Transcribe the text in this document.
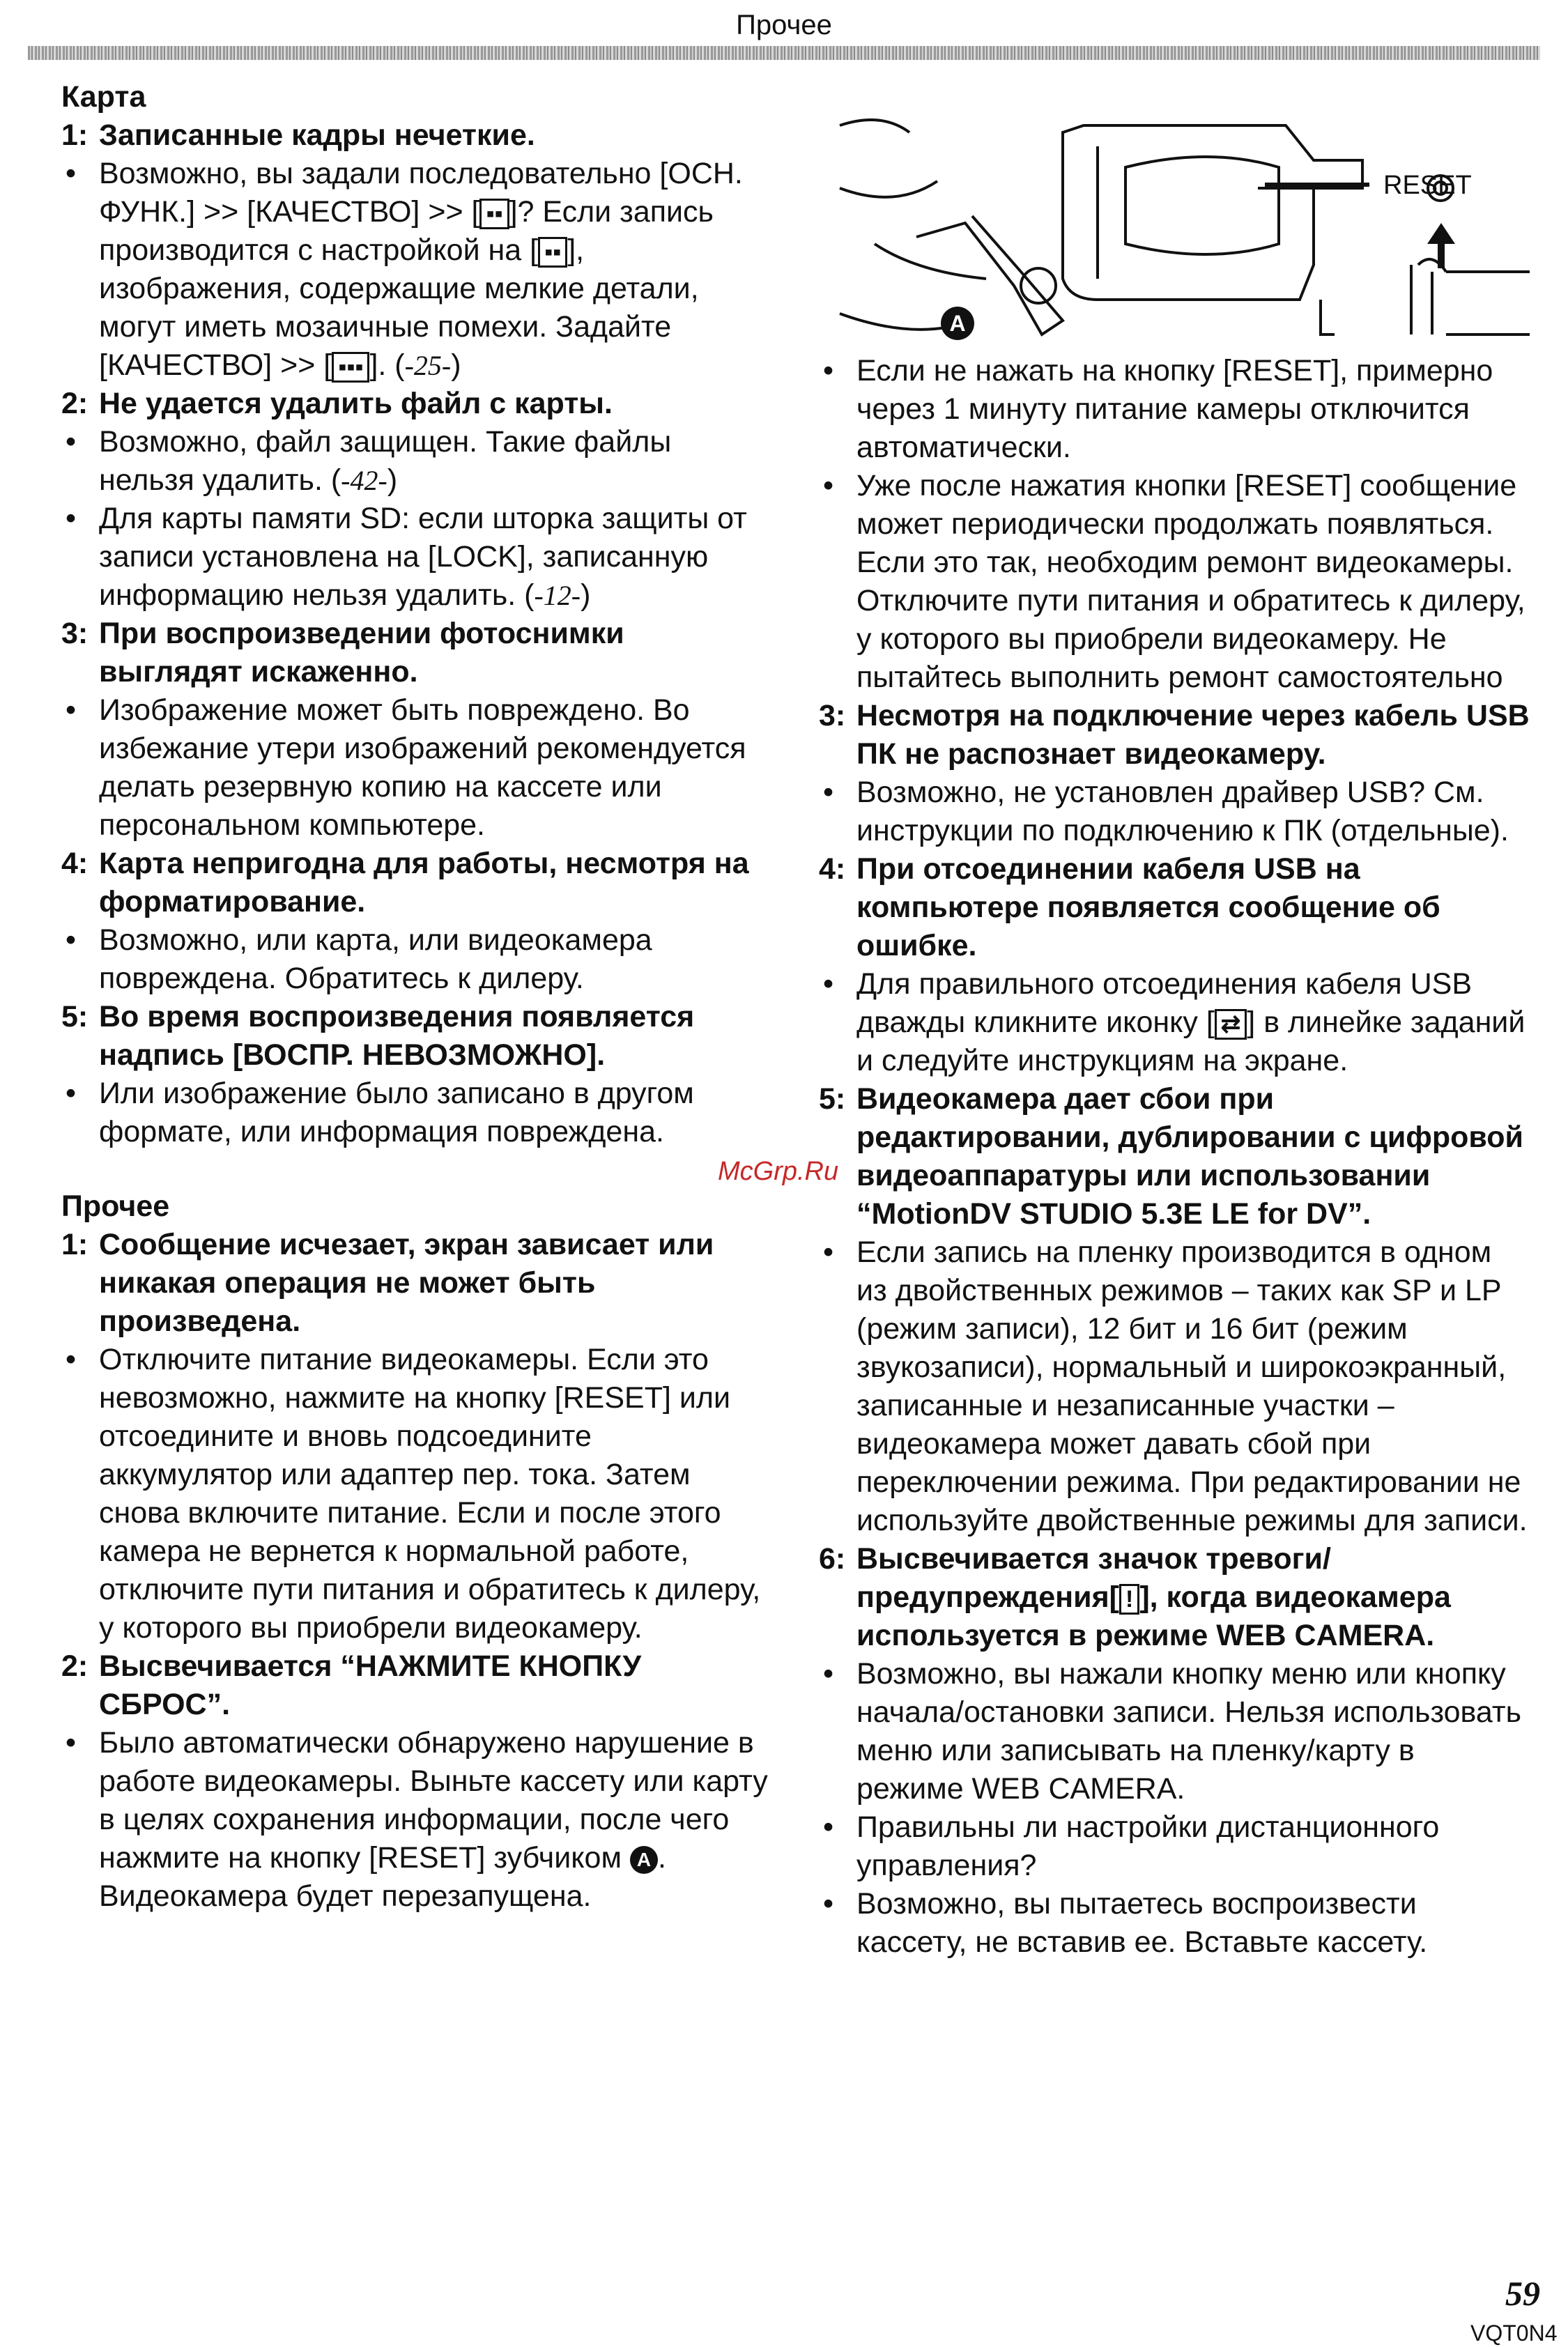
Прочее

Карта

1: Записанные кадры нечеткие.

• Возможно, вы задали последовательно [ОСН. ФУНК.] >> [КАЧЕСТВО] >> [ ▪▪ ]? Если запись производится с настройкой на [ ▪▪ ], изображения, содержащие мелкие детали, могут иметь мозаичные помехи. Задайте [КАЧЕСТВО] >> [ ▪▪▪ ]. (-25-)

2: Не удается удалить файл с карты.

• Возможно, файл защищен. Такие файлы нельзя удалить. (-42-)

• Для карты памяти SD: если шторка защиты от записи установлена на [LOCK], записанную информацию нельзя удалить. (-12-)

3: При воспроизведении фотоснимки выглядят искаженно.

• Изображение может быть повреждено. Во избежание утери изображений рекомендуется делать резервную копию на кассете или персональном компьютере.

4: Карта непригодна для работы, несмотря на форматирование.

• Возможно, или карта, или видеокамера повреждена. Обратитесь к дилеру.

5: Во время воспроизведения появляется надпись [ВОСПР. НЕВОЗМОЖНО].

• Или изображение было записано в другом формате, или информация повреждена.

Прочее

1: Сообщение исчезает, экран зависает или никакая операция не может быть произведена.

• Отключите питание видеокамеры. Если это невозможно, нажмите на кнопку [RESET] или отсоедините и вновь подсоедините аккумулятор или адаптер пер. тока. Затем снова включите питание. Если и после этого камера не вернется к нормальной работе, отключите пути питания и обратитесь к дилеру, у которого вы приобрели видеокамеру.

2: Высвечивается “НАЖМИТЕ КНОПКУ СБРОС”.

• Было автоматически обнаружено нарушение в работе видеокамеры. Выньте кассету или карту в целях сохранения информации, после чего нажмите на кнопку [RESET] зубчиком A . Видеокамера будет перезапущена.

RESET
A

• Если не нажать на кнопку [RESET], примерно через 1 минуту питание камеры отключится автоматически.

• Уже после нажатия кнопки [RESET] сообщение может периодически продолжать появляться. Если это так, необходим ремонт видеокамеры. Отключите пути питания и обратитесь к дилеру, у которого вы приобрели видеокамеру. Не пытайтесь выполнить ремонт самостоятельно

3: Несмотря на подключение через кабель USB ПК не распознает видеокамеру.

• Возможно, не установлен драйвер USB? См. инструкции по подключению к ПК (отдельные).

4: При отсоединении кабеля USB на компьютере появляется сообщение об ошибке.

• Для правильного отсоединения кабеля USB дважды кликните иконку [ ⇄ ] в линейке заданий и следуйте инструкциям на экране.

5: Видеокамера дает сбои при редактировании, дублировании с цифровой видеоаппаратуры или использовании “MotionDV STUDIO 5.3E LE for DV”.

• Если запись на пленку производится в одном из двойственных режимов – таких как SP и LP (режим записи), 12 бит и 16 бит (режим звукозаписи), нормальный и широкоэкранный, записанные и незаписанные участки – видеокамера может давать сбой при переключении режима. При редактировании не используйте двойственные режимы для записи.

6: Высвечивается значок тревоги/ предупреждения[ ! ], когда видеокамера используется в режиме WEB CAMERA.

• Возможно, вы нажали кнопку меню или кнопку начала/остановки записи. Нельзя использовать меню или записывать на пленку/карту в режиме WEB CAMERA.

• Правильны ли настройки дистанционного управления?

• Возможно, вы пытаетесь воспроизвести кассету, не вставив ее. Вставьте кассету.

McGrp.Ru
59
VQT0N4
